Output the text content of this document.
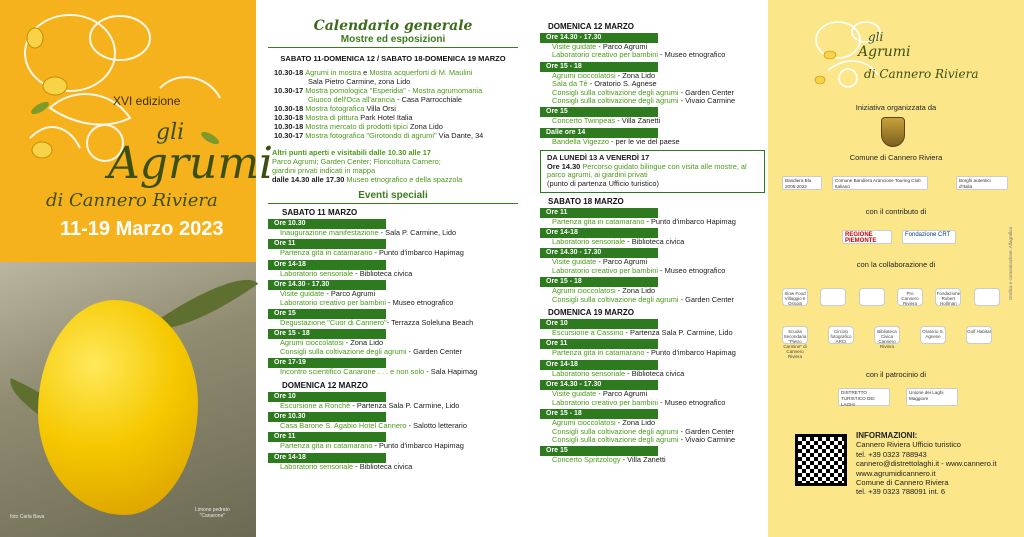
XVI edizione
gli
Agrumi
di Cannero Riviera
11-19 Marzo 2023
foto Carla Bava
Limone pedrato
"Canarone"
Calendario generale
Mostre ed esposizioni
SABATO 11-DOMENICA 12 / SABATO 18-DOMENICA 19 MARZO
10.30-18 Agrumi in mostra e Mostra acquerforti di M. Maulini
Sala Pietro Carmine, zona Lido
10.30-17 Mostra pomologica "Esperidia" - Mostra agrumomania
Giuoco dell'Oca all'arancia - Casa Parrocchiale
10.30-18 Mostra fotografica Villa Orsi
10.30-18 Mostra di pittura Park Hotel Italia
10.30-18 Mostra mercato di prodotti tipici Zona Lido
10.30-17 Mostra fotografica "Girotondo di agrumi" Via Dante, 34
Altri punti aperti e visitabili dalle 10.30 alle 17
Parco Agrumi; Garden Center; Floricoltura Carnero;
giardini privati indicati in mappa
dalle 14.30 alle 17.30 Museo etnografico e della spazzola
Eventi speciali
SABATO 11 MARZO
Ore 10.30
Inaugurazione manifestazione - Sala P. Carmine, Lido
Ore 11
Partenza gita in catamarano - Punto d'imbarco Hapimag
Ore 14-18
Laboratorio sensoriale - Biblioteca civica
Ore 14.30 - 17.30
Visite guidate - Parco Agrumi
Laboratorio creativo per bambini - Museo etnografico
Ore 15
Degustazione "Cuor di Cannero"- Terrazza Soleluna Beach
Ore 15 - 18
Agrumi cioccolatosi - Zona Lido
Consigli sulla coltivazione degli agrumi - Garden Center
Ore 17-19
Incontro scientifico Canarone . . . e non solo - Sala Hapimag
DOMENICA 12 MARZO
Ore 10
Escursione a Ronchè - Partenza Sala P. Carmine, Lido
Ore 10.30
Casa Barone S. Agabio Hotel Cannero - Salotto letterario
Ore 11
Partenza gita in catamarano - Punto d'imbarco Hapimag
Ore 14-18
Laboratorio sensoriale - Biblioteca civica
DOMENICA 12 MARZO
Ore 14.30 - 17.30
Visite guidate - Parco Agrumi
Laboratorio creativo per bambini - Museo etnografico
Ore 15 - 18
Agrumi cioccolatosi - Zona Lido
Sala da Tè - Oratorio S. Agnese
Consigli sulla coltivazione degli agrumi - Garden Center
Consigli sulla coltivazione degli agrumi - Vivaio Carmine
Ore 15
Concerto Twinpeas - Villa Zanetti
Dalle ore 14
Bandella Vigezzo - per le vie del paese
DA LUNEDÌ 13 A VENERDÌ 17
Ore 14.30 Percorso guidato bilingue con visita alle mostre, al parco agrumi, ai giardini privati
(punto di partenza Ufficio turistico)
SABATO 18 MARZO
Ore 11
Partenza gita in catamarano - Punto d'imbarco Hapimag
Ore 14-18
Laboratorio sensoriale - Biblioteca civica
Ore 14.30 - 17.30
Visite guidate - Parco Agrumi
Laboratorio creativo per bambini - Museo etnografico
Ore 15 - 18
Agrumi cioccolatosi - Zona Lido
Consigli sulla coltivazione degli agrumi - Garden Center
DOMENICA 19 MARZO
Ore 10
Escursione a Cassino - Partenza Sala P. Carmine, Lido
Ore 11
Partenza gita in catamarano - Punto d'imbarco Hapimag
Ore 14-18
Laboratorio sensoriale - Biblioteca civica
Ore 14.30 - 17.30
Visite guidate - Parco Agrumi
Laboratorio creativo per bambini - Museo etnografico
Ore 15 - 18
Agrumi cioccolatosi - Zona Lido
Consigli sulla coltivazione degli agrumi - Garden Center
Consigli sulla coltivazione degli agrumi - Vivaio Carmine
Ore 15
Concerto Spritzology - Villa Zanetti
gli
Agrumi
di Cannero Riviera
Iniziativa organizzata da
Comune di Cannero Riviera
Bandiera Blu 2005-2022
Comune Bandiera Arancione Touring Club Italiano
Borghi autentici d'Italia
con il contributo di
REGIONE PIEMONTE
Fondazione CRT
con la collaborazione di
Slow Food Villaggio e Ossola
Pro Cannero Riviera
Fondazione Robert Hollman
Scuola Secondaria "Pietro Carmine" di Cannero Riviera
Circolo fotografico ARCI
Biblioteca Civica Cannero Riviera
Oratorio S. Agnese
Golf Habitat
con il patrocinio di
DISTRETTO TURISTICO DEI LAGHI
Unione dei Laghi Maggiore
Grafica e comunicazione: Alfagrafica
INFORMAZIONI:
Cannero Riviera Ufficio turistico
tel. +39 0323 788943
cannero@distrettolaghi.it - www.cannero.it
www.agrumidicannero.it
Comune di Cannero Riviera
tel. +39 0323 788091 int. 6
